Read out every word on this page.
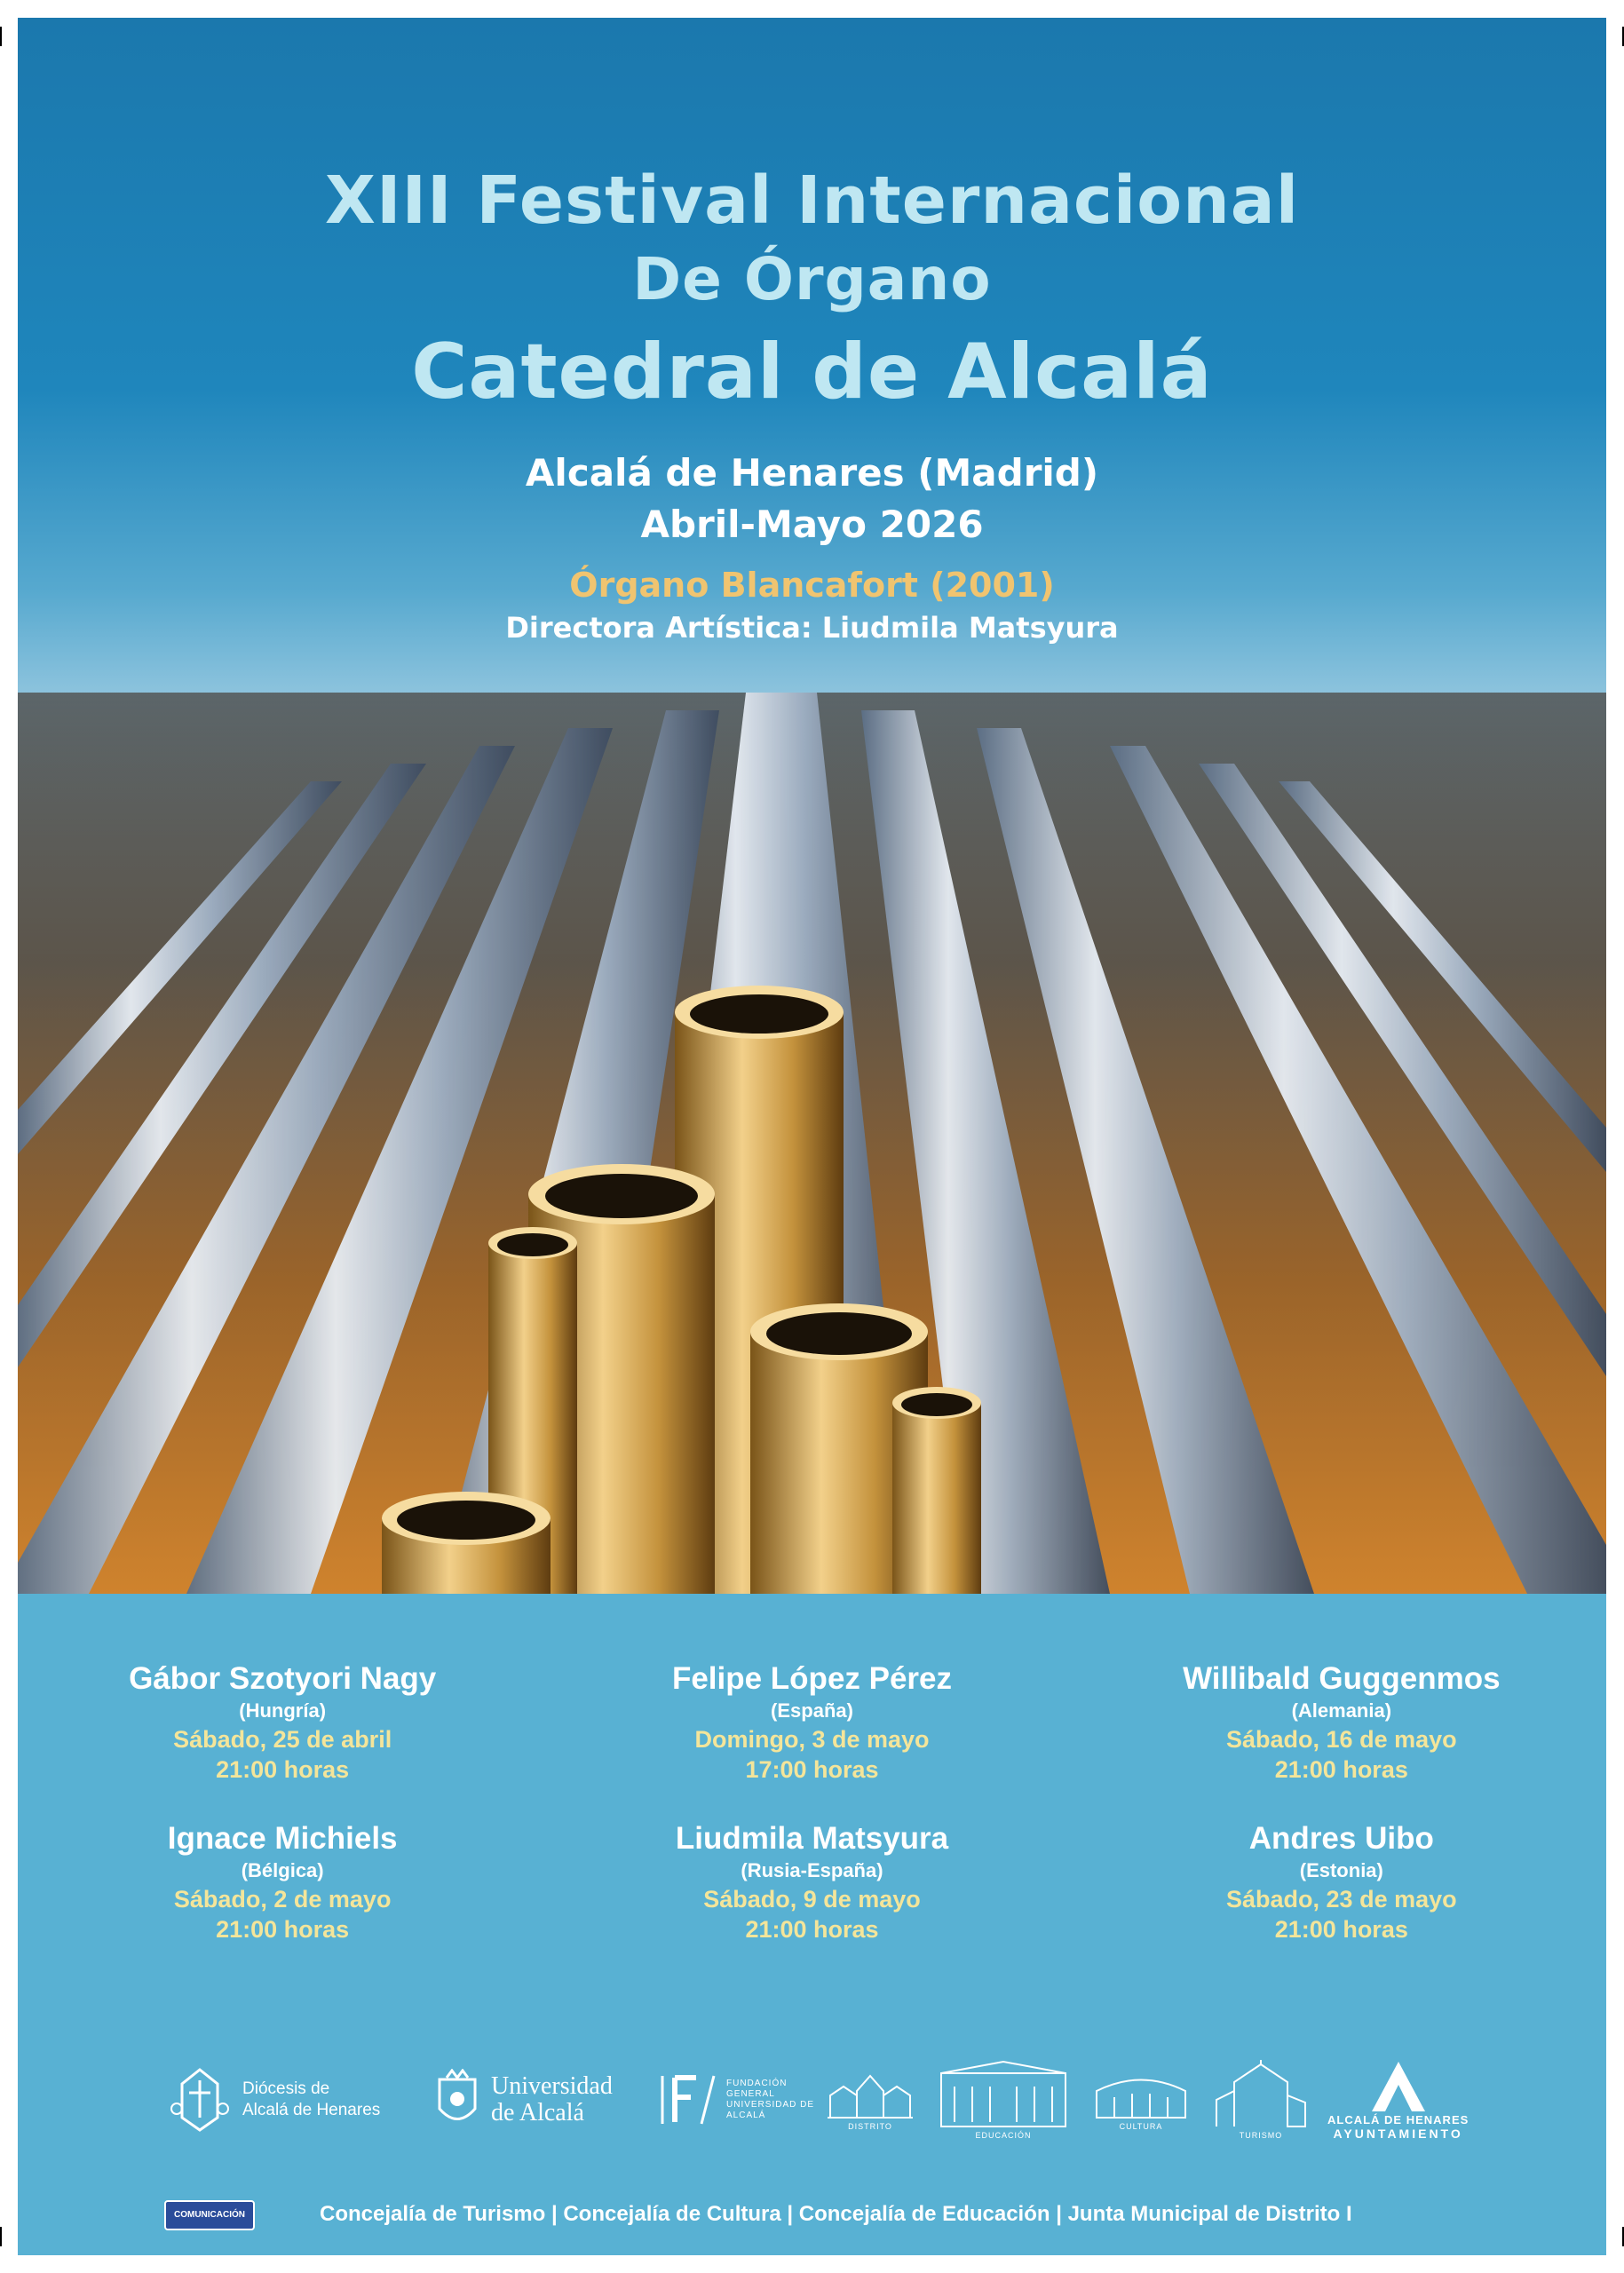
XIII Festival Internacional
De Órgano
Catedral de Alcalá
Alcalá de Henares (Madrid)
Abril-Mayo 2026
Órgano Blancafort (2001)
Directora Artística: Liudmila Matsyura
Gábor Szotyori Nagy
(Hungría)
Sábado, 25 de abril
21:00 horas
Felipe López Pérez
(España)
Domingo, 3 de mayo
17:00 horas
Willibald Guggenmos
(Alemania)
Sábado, 16 de mayo
21:00 horas
Ignace Michiels
(Bélgica)
Sábado, 2 de mayo
21:00 horas
Liudmila Matsyura
(Rusia-España)
Sábado, 9 de mayo
21:00 horas
Andres Uibo
(Estonia)
Sábado, 23 de mayo
21:00 horas
Diócesis de
Alcalá de Henares
Universidad
de Alcalá
FUNDACIÓN GENERAL UNIVERSIDAD DE ALCALÁ
DISTRITO
EDUCACIÓN
CULTURA
TURISMO
ALCALÁ DE HENARES
AYUNTAMIENTO
COMUNICACIÓN	Concejalía de Turismo | Concejalía de Cultura | Concejalía de Educación | Junta Municipal de Distrito I
